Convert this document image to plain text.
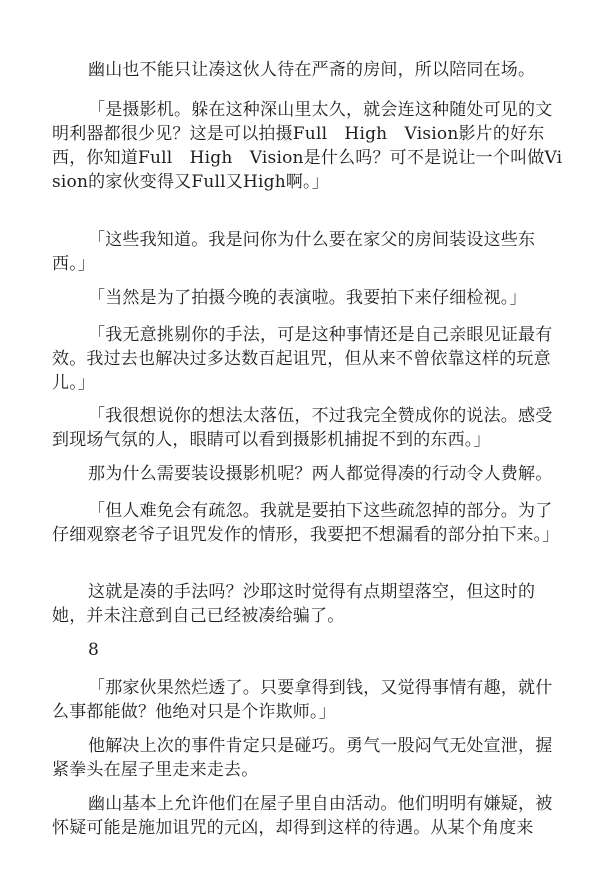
幽山也不能只让凑这伙人待在严斋的房间，所以陪同在场。

「是摄影机。躲在这种深山里太久，就会连这种随处可见的文明利器都很少见？这是可以拍摄Full　High　Vision影片的好东西，你知道Full　High　Vision是什么吗？可不是说让一个叫做Vision的家伙变得又Full又High啊。」

「这些我知道。我是问你为什么要在家父的房间装设这些东西。」

「当然是为了拍摄今晚的表演啦。我要拍下来仔细检视。」

「我无意挑剔你的手法，可是这种事情还是自己亲眼见证最有效。我过去也解决过多达数百起诅咒，但从来不曾依靠这样的玩意儿。」

「我很想说你的想法太落伍，不过我完全赞成你的说法。感受到现场气氛的人，眼睛可以看到摄影机捕捉不到的东西。」

那为什么需要装设摄影机呢？两人都觉得凑的行动令人费解。

「但人难免会有疏忽。我就是要拍下这些疏忽掉的部分。为了仔细观察老爷子诅咒发作的情形，我要把不想漏看的部分拍下来。」

这就是凑的手法吗？沙耶这时觉得有点期望落空，但这时的她，并未注意到自己已经被凑给骗了。

8

「那家伙果然烂透了。只要拿得到钱，又觉得事情有趣，就什么事都能做？他绝对只是个诈欺师。」

他解决上次的事件肯定只是碰巧。勇气一股闷气无处宣泄，握紧拳头在屋子里走来走去。

幽山基本上允许他们在屋子里自由活动。他们明明有嫌疑，被怀疑可能是施加诅咒的元凶，却得到这样的待遇。从某个角度来
